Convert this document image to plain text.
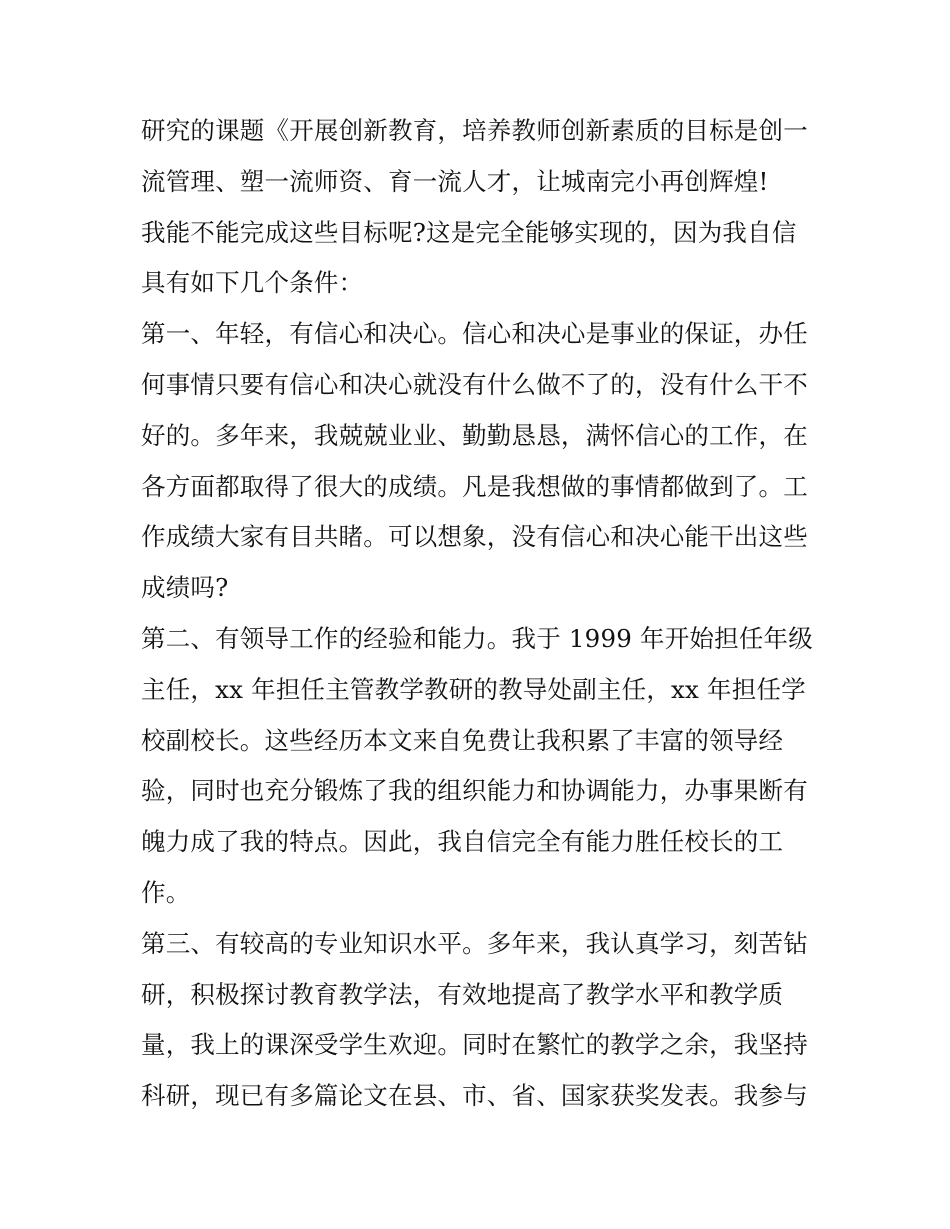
研究的课题《开展创新教育，培养教师创新素质的目标是创一
流管理、塑一流师资、育一流人才，让城南完小再创辉煌!
我能不能完成这些目标呢?这是完全能够实现的，因为我自信
具有如下几个条件：
第一、年轻，有信心和决心。信心和决心是事业的保证，办任
何事情只要有信心和决心就没有什么做不了的，没有什么干不
好的。多年来，我兢兢业业、勤勤恳恳，满怀信心的工作，在
各方面都取得了很大的成绩。凡是我想做的事情都做到了。工
作成绩大家有目共睹。可以想象，没有信心和决心能干出这些
成绩吗?
第二、有领导工作的经验和能力。我于 1999 年开始担任年级
主任，xx 年担任主管教学教研的教导处副主任，xx 年担任学
校副校长。这些经历本文来自免费让我积累了丰富的领导经
验，同时也充分锻炼了我的组织能力和协调能力，办事果断有
魄力成了我的特点。因此，我自信完全有能力胜任校长的工
作。
第三、有较高的专业知识水平。多年来，我认真学习，刻苦钻
研，积极探讨教育教学法，有效地提高了教学水平和教学质
量，我上的课深受学生欢迎。同时在繁忙的教学之余，我坚持
科研，现已有多篇论文在县、市、省、国家获奖发表。我参与
